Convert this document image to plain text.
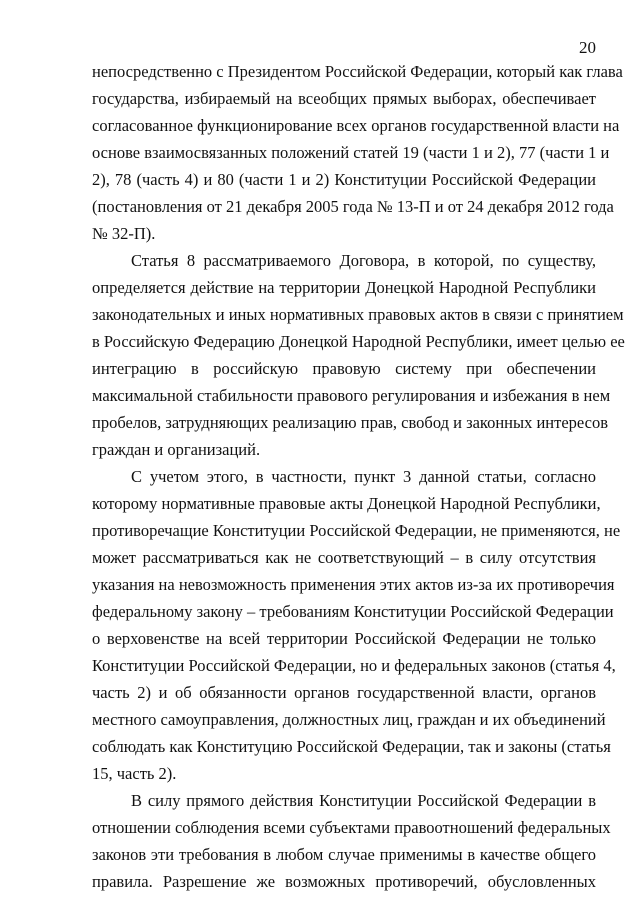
20
непосредственно с Президентом Российской Федерации, который как глава
государства, избираемый на всеобщих прямых выборах, обеспечивает
согласованное функционирование всех органов государственной власти на
основе взаимосвязанных положений статей 19 (части 1 и 2), 77 (части 1 и
2), 78 (часть 4) и 80 (части 1 и 2) Конституции Российской Федерации
(постановления от 21 декабря 2005 года № 13-П и от 24 декабря 2012 года
№ 32-П).
Статья 8 рассматриваемого Договора, в которой, по существу,
определяется действие на территории Донецкой Народной Республики
законодательных и иных нормативных правовых актов в связи с принятием
в Российскую Федерацию Донецкой Народной Республики, имеет целью ее
интеграцию в российскую правовую систему при обеспечении
максимальной стабильности правового регулирования и избежания в нем
пробелов, затрудняющих реализацию прав, свобод и законных интересов
граждан и организаций.
С учетом этого, в частности, пункт 3 данной статьи, согласно
которому нормативные правовые акты Донецкой Народной Республики,
противоречащие Конституции Российской Федерации, не применяются, не
может рассматриваться как не соответствующий – в силу отсутствия
указания на невозможность применения этих актов из-за их противоречия
федеральному закону – требованиям Конституции Российской Федерации
о верховенстве на всей территории Российской Федерации не только
Конституции Российской Федерации, но и федеральных законов (статья 4,
часть 2) и об обязанности органов государственной власти, органов
местного самоуправления, должностных лиц, граждан и их объединений
соблюдать как Конституцию Российской Федерации, так и законы (статья
15, часть 2).
В силу прямого действия Конституции Российской Федерации в
отношении соблюдения всеми субъектами правоотношений федеральных
законов эти требования в любом случае применимы в качестве общего
правила. Разрешение же возможных противоречий, обусловленных
